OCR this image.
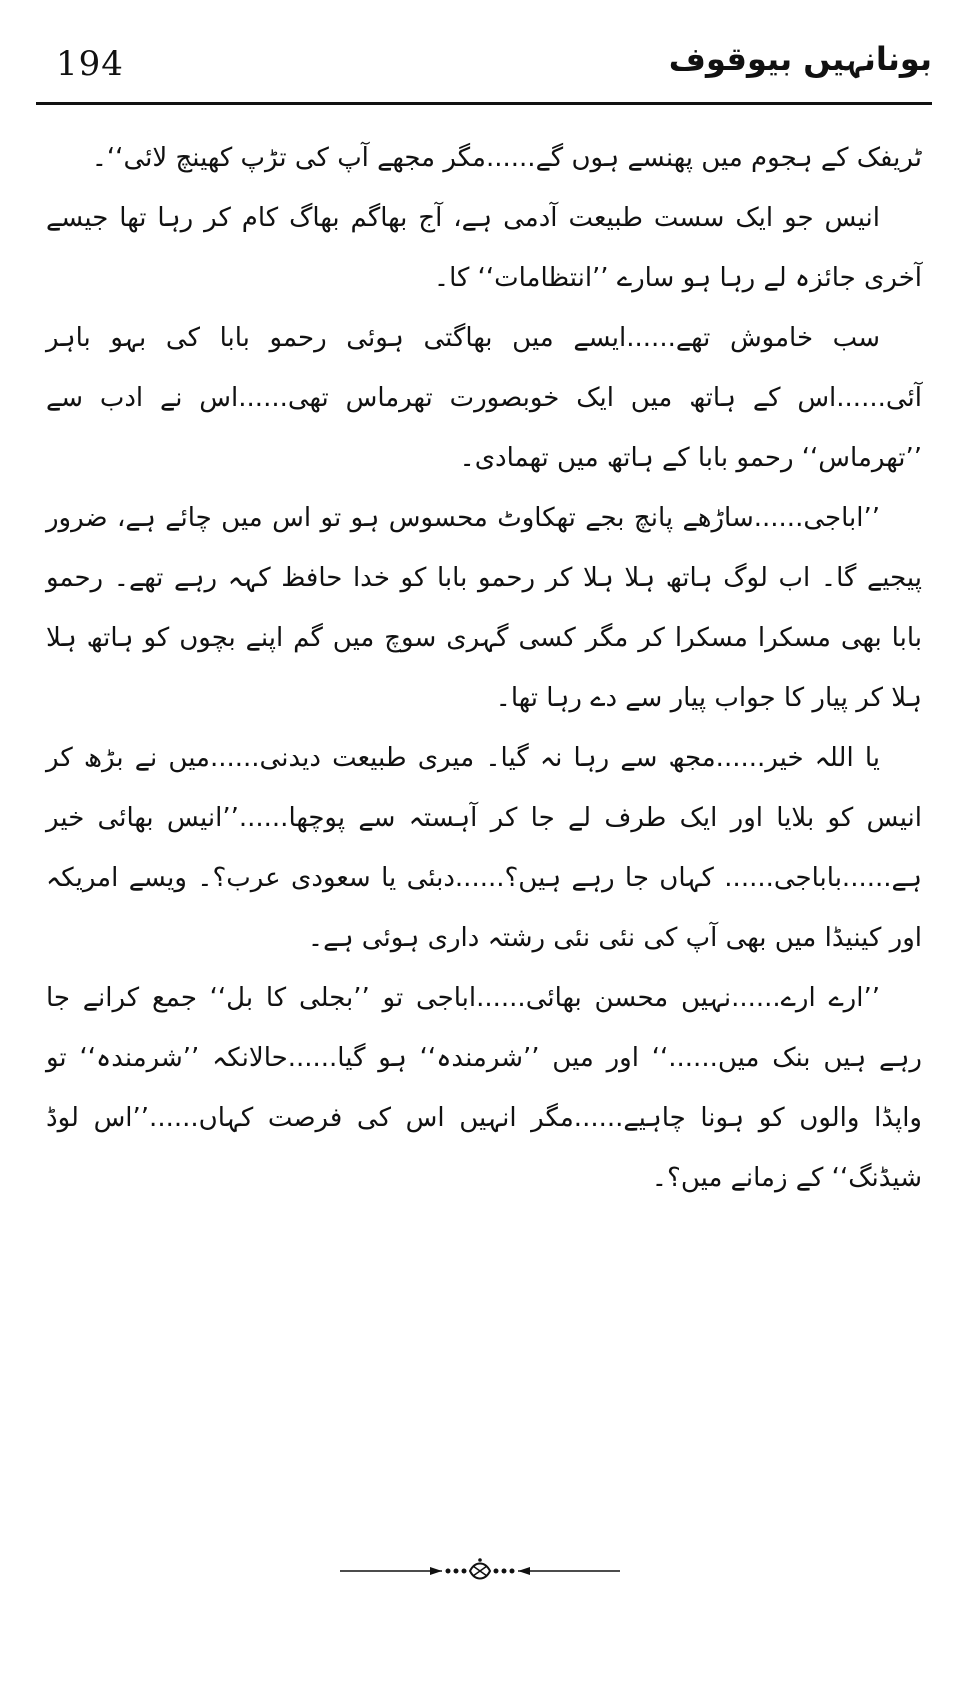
194	بونانہیں بیوقوف

ٹریفک کے ہجوم میں پھنسے ہوں گے......مگر مجھے آپ کی تڑپ کھینچ لائی‘‘۔

انیس جو ایک سست طبیعت آدمی ہے، آج بھاگم بھاگ کام کر رہا تھا جیسے آخری جائزہ لے رہا ہو سارے ’’انتظامات‘‘ کا۔

سب خاموش تھے......ایسے میں بھاگتی ہوئی رحمو بابا کی بہو باہر آئی......اس کے ہاتھ میں ایک خوبصورت تھرماس تھی......اس نے ادب سے ’’تھرماس‘‘ رحمو بابا کے ہاتھ میں تھمادی۔

’’اباجی......ساڑھے پانچ بجے تھکاوٹ محسوس ہو تو اس میں چائے ہے، ضرور پیجیے گا۔ اب لوگ ہاتھ ہلا ہلا کر رحمو بابا کو خدا حافظ کہہ رہے تھے۔ رحمو بابا بھی مسکرا مسکرا کر مگر کسی گہری سوچ میں گم اپنے بچوں کو ہاتھ ہلا ہلا کر پیار کا جواب پیار سے دے رہا تھا۔

یا اللہ خیر......مجھ سے رہا نہ گیا۔ میری طبیعت دیدنی......میں نے بڑھ کر انیس کو بلایا اور ایک طرف لے جا کر آہستہ سے پوچھا......’’انیس بھائی خیر ہے......باباجی...... کہاں جا رہے ہیں؟......دبئی یا سعودی عرب؟۔ ویسے امریکہ اور کینیڈا میں بھی آپ کی نئی نئی رشتہ داری ہوئی ہے۔

’’ارے ارے......نہیں محسن بھائی......اباجی تو ’’بجلی کا بل‘‘ جمع کرانے جا رہے ہیں بنک میں......‘‘ اور میں ’’شرمندہ‘‘ ہو گیا......حالانکہ ’’شرمندہ‘‘ تو واپڈا والوں کو ہونا چاہیے......مگر انہیں اس کی فرصت کہاں......’’اس لوڈ شیڈنگ‘‘ کے زمانے میں؟۔
